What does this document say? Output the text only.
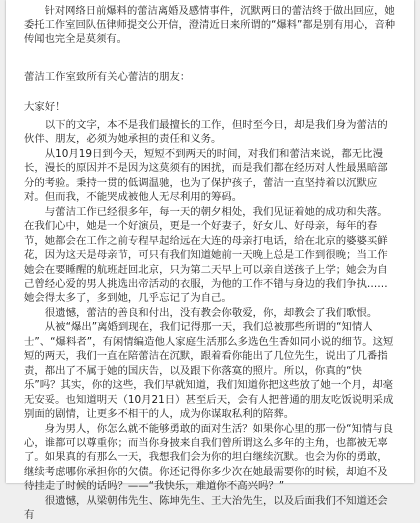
针对网络日前爆料的蕾洁离婚及感情事件，沉默两日的蕾洁终于做出回应，她委托工作室回队伍律师提交公开信，澄清近日来所谓的“爆料”都是别有用心，音种传闻也完全是莫须有。

蕾洁工作室致所有关心蕾洁的朋友：
大家好！

以下的文字，本不是我们最擅长的工作，但时至今日，却是我们身为蕾洁的伙伴、朋友，必须为她承担的责任和义务。

从10月19日到今天，短短不到两天的时间，对我们和蕾洁来说，都无比漫长，漫长的原因并不是因为这莫须有的困扰，而是我们都在经历对人性最黑暗部分的考验。秉持一贯的低调温驰，也为了保护孩子，蕾洁一直坚持着以沉默应对。但而我，不能哭成被他人无尽利用的筹码。

与蕾洁工作已经很多年，每一天的朝夕相处，我们见证着她的成功和失落。在我们心中，她是一个好演员，更是一个好妻子，好女儿、好母亲，每年的春节，她都会在工作之前专程早起给远在大连的母亲打电话，给在北京的婆婆买鲜花，因为这天是母亲节，可只有我们知道她前一天晚上总是工作到很晚；当工作她会在要睡醒的航班赶回北京，只为第二天早上可以亲自送孩子上学；她会为自己曾经心爱的男人挑选出帝活动的衣服，为他的工作不错与身边的我们争执……她会得太多了，多到她，几乎忘记了为自己。

很遗憾，蕾洁的善良和付出，没有教会你敬爱，你，却教会了我们歌恨。

从被“爆出”离婚到现在，我们记得那一天，我们总被那些所谓的“知情人士”、“爆料者”，有闲情编造他人家庭生活那么多选色生香如同小说的细节。这短短的两天，我们一直在陪蕾洁在沉默，跟着看你能出了几位先生，说出了几番指责，都出了不属于她的国庆告，以及跟下你落寞的照片。所以，你真的“快乐”吗？其实，你的这些，我们早就知道，我们知道你把这些放了她一个月，却毫无安妥。也知道明天（10月21日）甚至后天，会有人把普通的朋友吃饭说明采成别面的剧情，让更多不相干的人，成为你谋取私利的陪葬。

身为男人，你怎么就不能够勇敢的面对生活？如果你心里的那一份“知情与良心，谁都可以尊重你；而当你身披来自我们曾所谓这么多年的主角，也都被无辜了。如果真的有那么一天，我想我们会为你的坦白继续沉默。也会为你的勇敢，继续考虑哪你承担你的欠债。你还记得你多少次在她最需要你的时候，却迫不及待挂走了时候的话吗？——“我快乐，难道你不高兴吗？”

很遗憾，从梁朝伟先生、陈坤先生、王大治先生，以及后面我们不知道还会有
